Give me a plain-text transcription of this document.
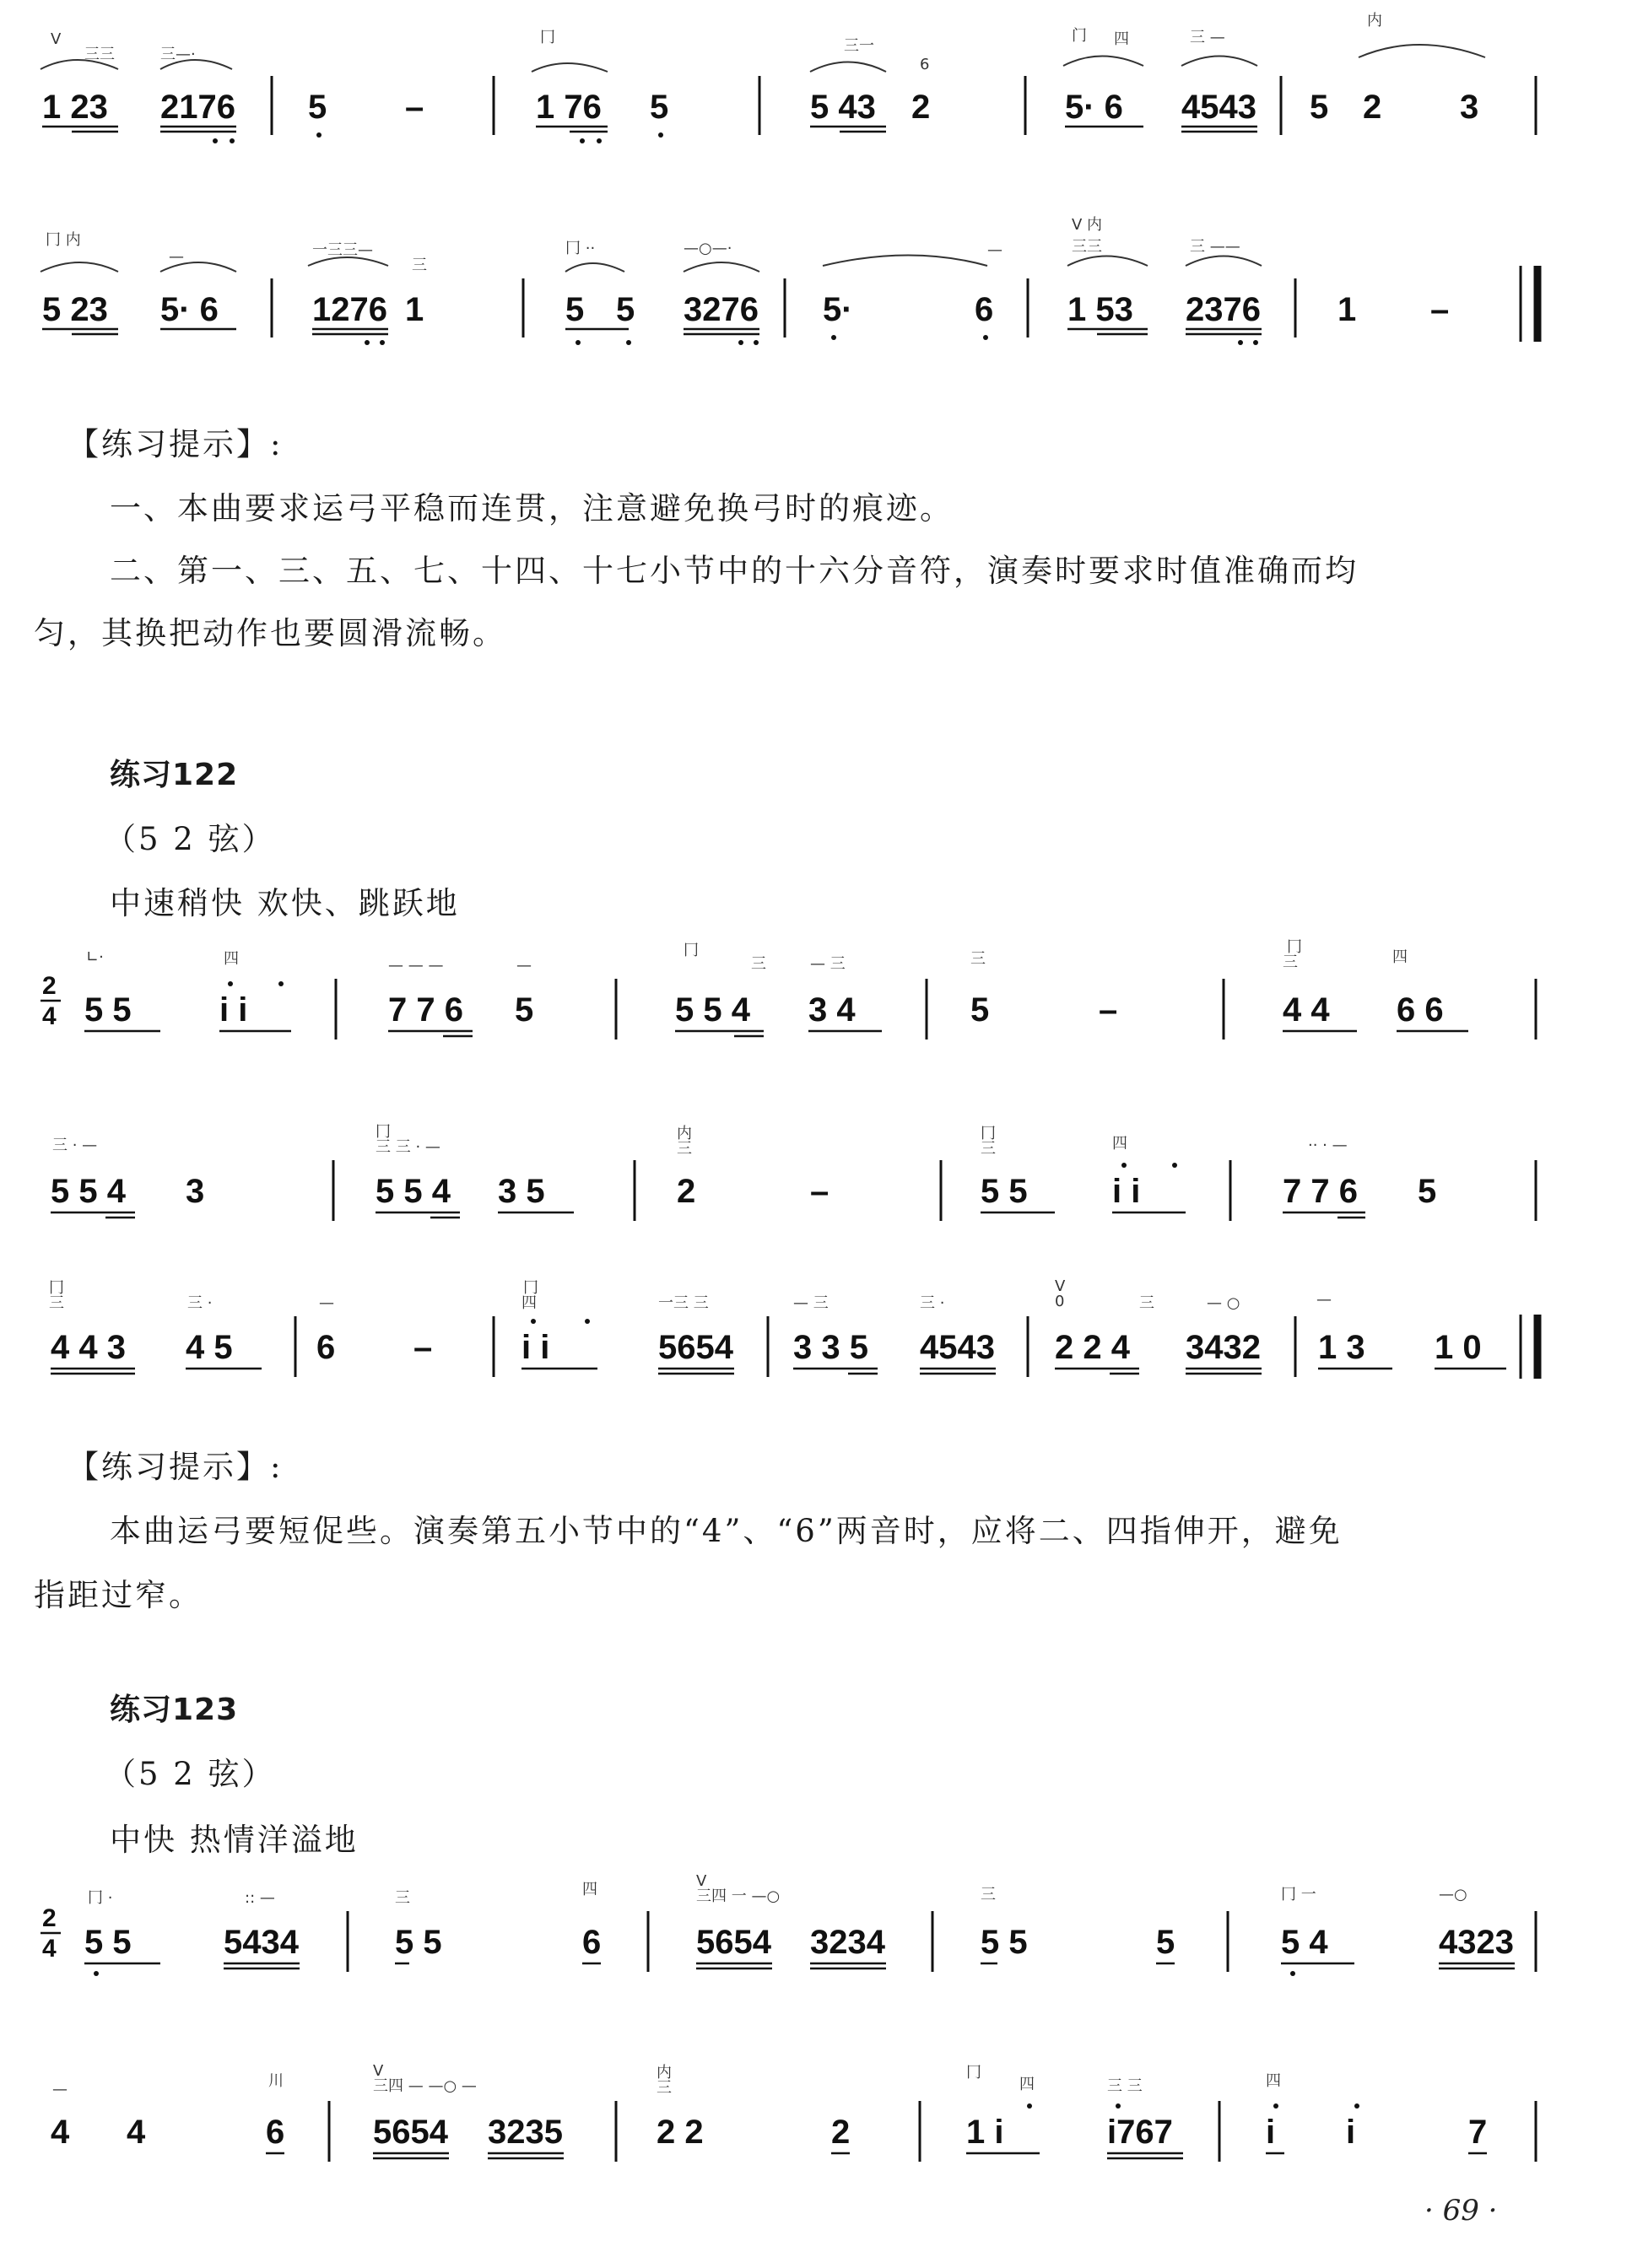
V
三三	三—·
冂	三一
6
门 四	三 —
内
1 23 2176 5 –	1 76 5	5 43 2	5· 6 4543 5 2 3
冂 内
—	一三三—
三
冂 ··	—○—·	—
V 内
三三	三 ——
5 23 5· 6	1276 1	5 5 3276 5·	6 1 53 2376 1 –
【练习提示】:
一、本曲要求运弓平稳而连贯，注意避免换弓时的痕迹。
二、第一、三、五、七、十四、十七小节中的十六分音符，演奏时要求时值准确而均
匀，其换把动作也要圆滑流畅。
练习122
（5 2 弦）
中速稍快 欢快、跳跃地
2
4
∟·	四	— — —	—
冂
三	— 三	三
冂
三	四
5 5	i i	7 7 6 5	5 5 4 3 4	5	–	4 4 6 6
三 · —
冂
三 三 · —
内
三
冂
三	四	·· · —
5 5 4 3	5 5 4 3 5	2	–	5 5	i i	7 7 6 5
冂
三	三 ·	—
冂
四	一三 三	— 三	三 ·
V
0	三	— ○	—
4 4 3 4 5 6 –	i i	5654 3 3 5 4543 2 2 4 3432 1 3 1 0
【练习提示】:
本曲运弓要短促些。演奏第五小节中的“4”、“6”两音时，应将二、四指伸开，避免
指距过窄。
练习123
（5 2 弦）
中快 热情洋溢地
2
4
冂 ·	:: —	三	四	V
三四 一 —○	三	冂 一	—○
5 5	5434	5 5	6	5654 3234	5 5	5	5 4	4323
—	川
V
三四 — —○ —
内
三
冂
四	三 三	四
4 4	6	5654 3235	2 2	2	1 i	i767	i i	7
· 69 ·
